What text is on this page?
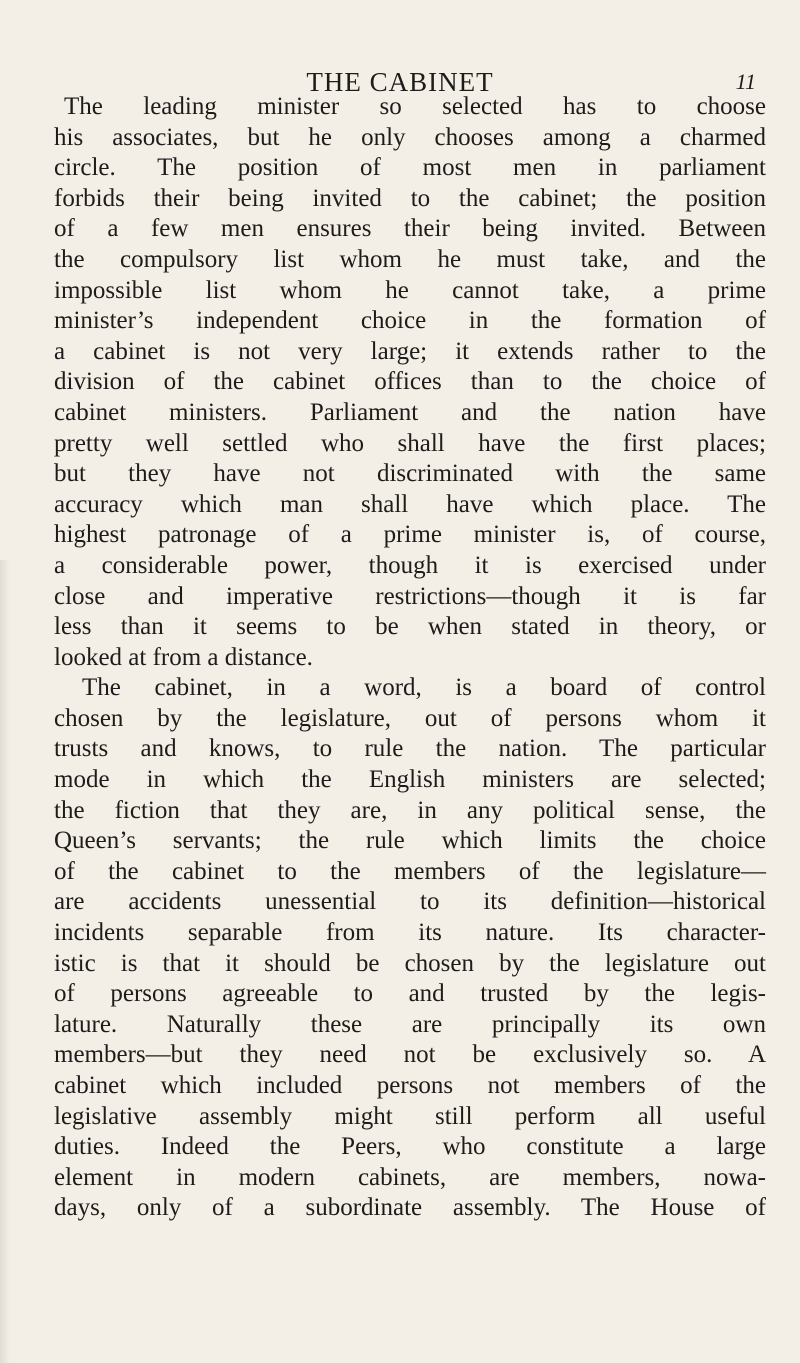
THE CABINET	11
The leading minister so selected has to choose
his associates, but he only chooses among a charmed
circle. The position of most men in parliament
forbids their being invited to the cabinet; the position
of a few men ensures their being invited. Between
the compulsory list whom he must take, and the
impossible list whom he cannot take, a prime
minister’s independent choice in the formation of
a cabinet is not very large; it extends rather to the
division of the cabinet offices than to the choice of
cabinet ministers. Parliament and the nation have
pretty well settled who shall have the first places;
but they have not discriminated with the same
accuracy which man shall have which place. The
highest patronage of a prime minister is, of course,
a considerable power, though it is exercised under
close and imperative restrictions—though it is far
less than it seems to be when stated in theory, or
looked at from a distance.
The cabinet, in a word, is a board of control
chosen by the legislature, out of persons whom it
trusts and knows, to rule the nation. The particular
mode in which the English ministers are selected;
the fiction that they are, in any political sense, the
Queen’s servants; the rule which limits the choice
of the cabinet to the members of the legislature—
are accidents unessential to its definition—historical
incidents separable from its nature. Its character-
istic is that it should be chosen by the legislature out
of persons agreeable to and trusted by the legis-
lature. Naturally these are principally its own
members—but they need not be exclusively so. A
cabinet which included persons not members of the
legislative assembly might still perform all useful
duties. Indeed the Peers, who constitute a large
element in modern cabinets, are members, nowa-
days, only of a subordinate assembly. The House of
